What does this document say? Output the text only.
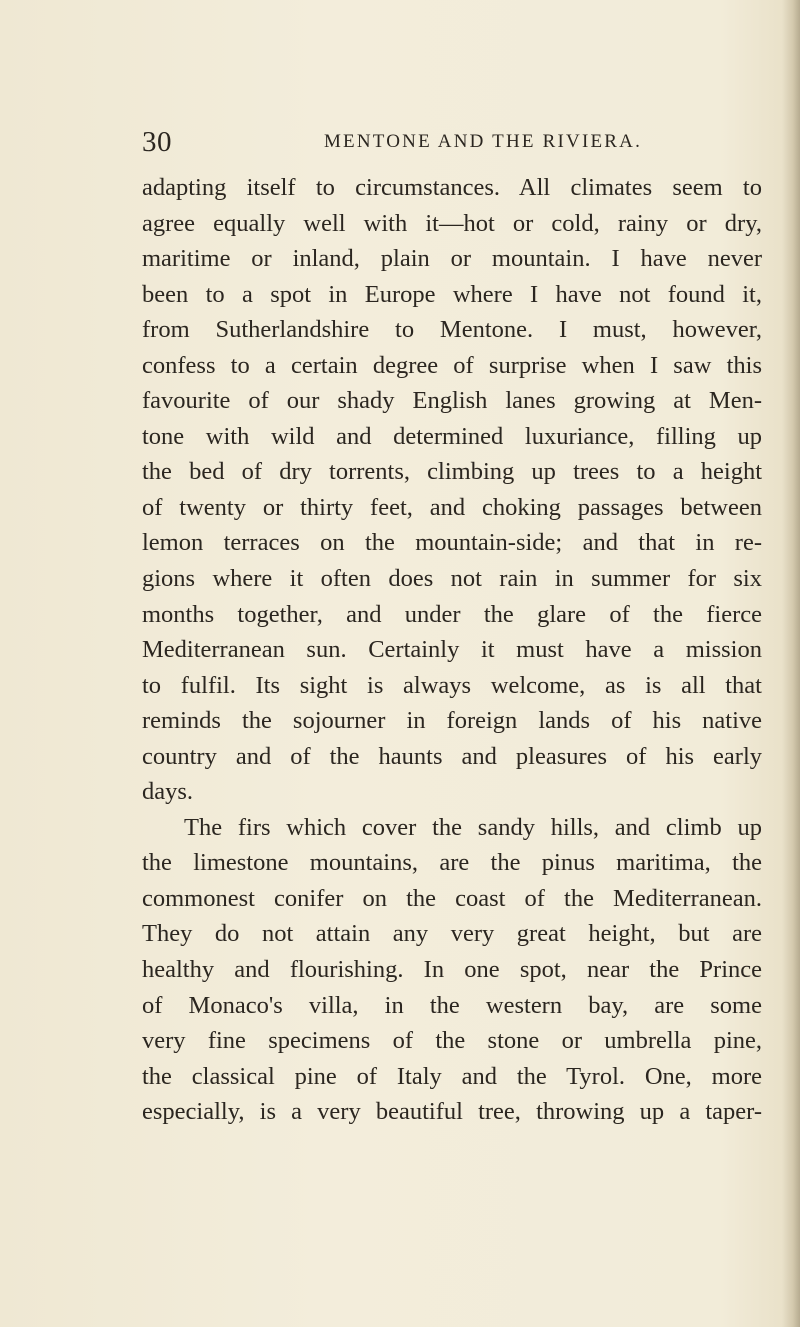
30	MENTONE AND THE RIVIERA.
adapting itself to circumstances. All climates seem to
agree equally well with it—hot or cold, rainy or dry,
maritime or inland, plain or mountain. I have never
been to a spot in Europe where I have not found it,
from Sutherlandshire to Mentone. I must, however,
confess to a certain degree of surprise when I saw this
favourite of our shady English lanes growing at Men-
tone with wild and determined luxuriance, filling up
the bed of dry torrents, climbing up trees to a height
of twenty or thirty feet, and choking passages between
lemon terraces on the mountain-side; and that in re-
gions where it often does not rain in summer for six
months together, and under the glare of the fierce
Mediterranean sun. Certainly it must have a mission
to fulfil. Its sight is always welcome, as is all that
reminds the sojourner in foreign lands of his native
country and of the haunts and pleasures of his early
days.
The firs which cover the sandy hills, and climb up
the limestone mountains, are the pinus maritima, the
commonest conifer on the coast of the Mediterranean.
They do not attain any very great height, but are
healthy and flourishing. In one spot, near the Prince
of Monaco's villa, in the western bay, are some
very fine specimens of the stone or umbrella pine,
the classical pine of Italy and the Tyrol. One, more
especially, is a very beautiful tree, throwing up a taper-
